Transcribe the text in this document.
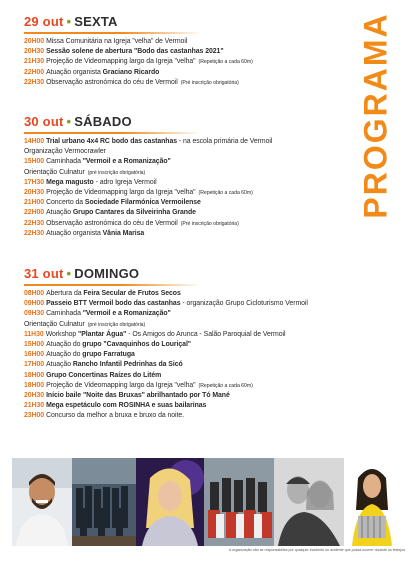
PROGRAMA
29 out • SEXTA
20H00 Missa Comunitária na Igreja "velha" de Vermoil
20H30 Sessão solene de abertura "Bodo das castanhas 2021"
21H30 Projeção de Videomapping largo da Igreja "velha" (Repetição a cada 60m)
22H00 Atuação organista Graciano Ricardo
22H30 Observação astronómica do céu de Vermoil (Pré inscrição obrigatória)
30 out • SÁBADO
14H00 Trial urbano 4x4 RC bodo das castanhas - na escola primária de Vermoil
Organização Vermocrawler
15H00 Caminhada "Vermoil e a Romanização"
Orientação Culnatur (pré inscrição obrigatória)
17H30 Mega magusto - adro Igreja Vermoil
20H30 Projeção de Videomapping largo da Igreja "velha" (Repetição a cada 60m)
21H00 Concerto da Sociedade Filarmónica Vermoilense
22H00 Atuação Grupo Cantares da Silveirinha Grande
22H30 Observação astronómica do céu de Vermoil (Pré inscrição obrigatória)
22H30 Atuação organista Vânia Marisa
31 out • DOMINGO
08H00 Abertura da Feira Secular de Frutos Secos
09H00 Passeio BTT Vermoil bodo das castanhas - organização Grupo Cicloturismo Vermoil
09H30 Caminhada "Vermoil e a Romanização"
Orientação Culnatur (pré inscrição obrigatória)
11H30 Workshop "Plantar Água" - Os Amigos do Arunca - Salão Paroquial de Vermoil
15H00 Atuação do grupo "Cavaquinhos do Louriçal"
16H00 Atuação do grupo Farratuga
17H00 Atuação Rancho Infantil Pedrinhas da Sicó
18H00 Grupo Concertinas Raízes do Litém
18H00 Projeção de Videomapping largo da Igreja "velha" (Repetição a cada 60m)
20H30 Início baile "Noite das Bruxas" abrilhantado por Tó Mané
21H30 Mega espetáculo com ROSINHA e suas bailarinas
23H00 Concurso da melhor a bruxa e bruxo da noite.
A organização não se responsabiliza por qualquer incidente ou acidente que possa ocorrer durante os festejos.
